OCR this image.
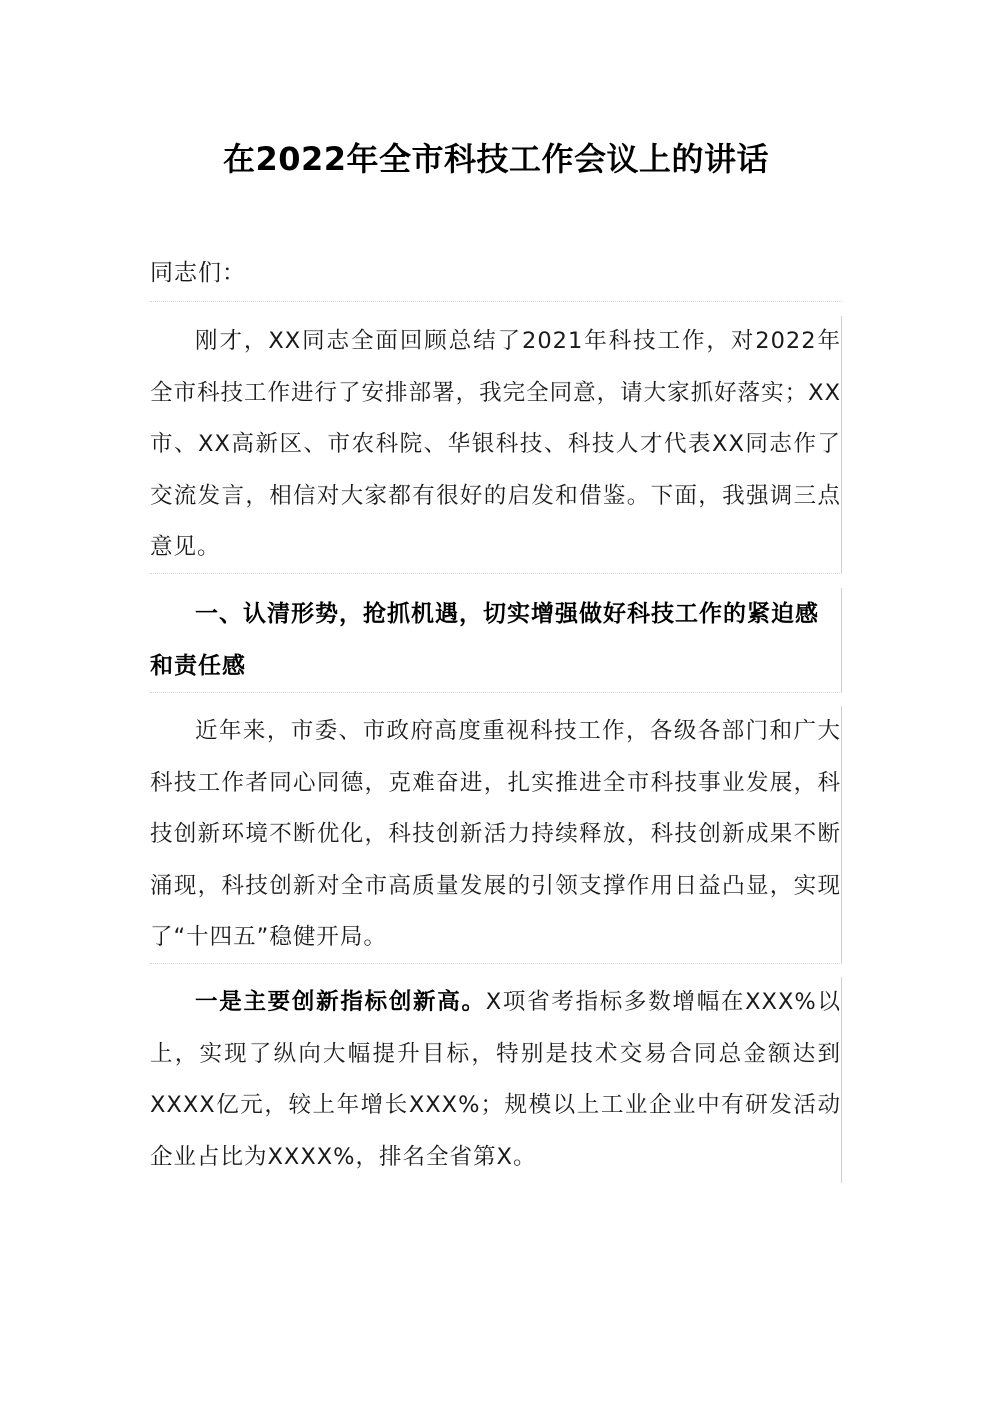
在2022年全市科技工作会议上的讲话

同志们：

刚才，XX同志全面回顾总结了2021年科技工作，对2022年全市科技工作进行了安排部署，我完全同意，请大家抓好落实；XX市、XX高新区、市农科院、华银科技、科技人才代表XX同志作了交流发言，相信对大家都有很好的启发和借鉴。下面，我强调三点意见。

一、认清形势，抢抓机遇，切实增强做好科技工作的紧迫感和责任感

近年来，市委、市政府高度重视科技工作，各级各部门和广大科技工作者同心同德，克难奋进，扎实推进全市科技事业发展，科技创新环境不断优化，科技创新活力持续释放，科技创新成果不断涌现，科技创新对全市高质量发展的引领支撑作用日益凸显，实现了“十四五”稳健开局。

一是主要创新指标创新高。X项省考指标多数增幅在XXX%以上，实现了纵向大幅提升目标，特别是技术交易合同总金额达到XXXX亿元，较上年增长XXX%；规模以上工业企业中有研发活动企业占比为XXXX%，排名全省第X。
